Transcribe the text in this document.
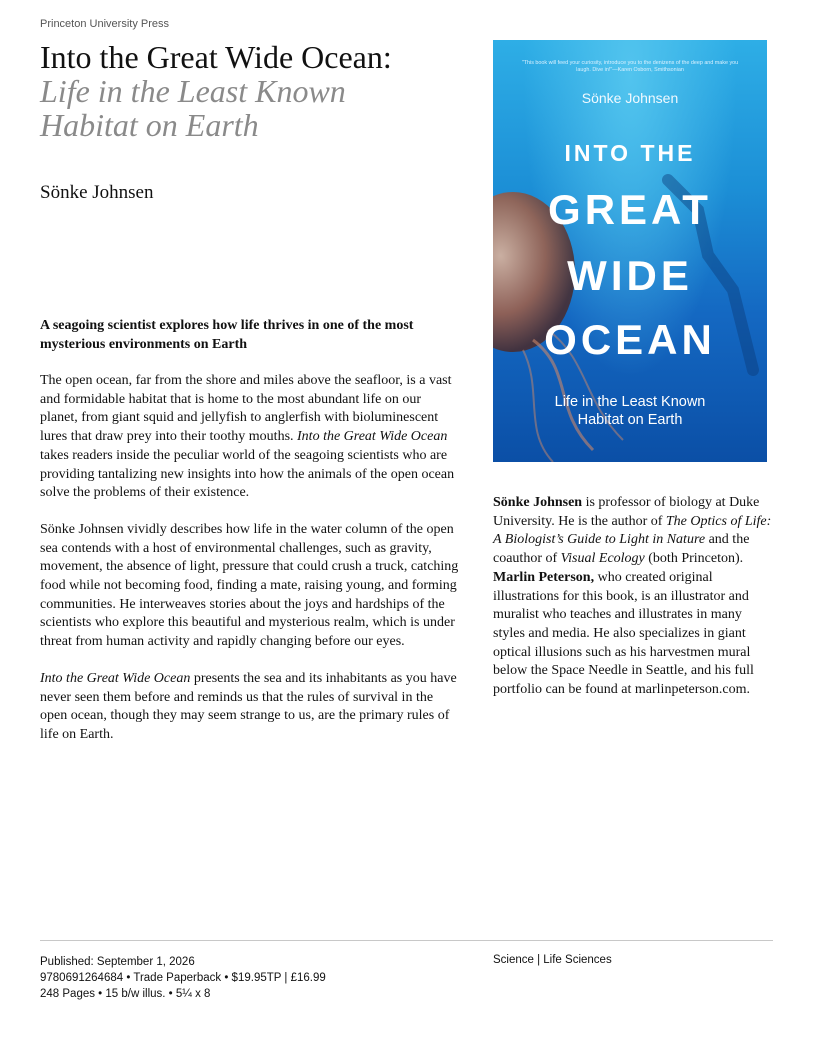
Princeton University Press
Into the Great Wide Ocean:
Life in the Least Known
Habitat on Earth
Sönke Johnsen
A seagoing scientist explores how life thrives in one of the most mysterious environments on Earth

The open ocean, far from the shore and miles above the seafloor, is a vast and formidable habitat that is home to the most abundant life on our planet, from giant squid and jellyfish to anglerfish with bioluminescent lures that draw prey into their toothy mouths. Into the Great Wide Ocean takes readers inside the peculiar world of the seagoing scientists who are providing tantalizing new insights into how the animals of the open ocean solve the problems of their existence.

Sönke Johnsen vividly describes how life in the water column of the open sea contends with a host of environmental challenges, such as gravity, movement, the absence of light, pressure that could crush a truck, catching food while not becoming food, finding a mate, raising young, and forming communities. He interweaves stories about the joys and hardships of the scientists who explore this beautiful and mysterious realm, which is under threat from human activity and rapidly changing before our eyes.

Into the Great Wide Ocean presents the sea and its inhabitants as you have never seen them before and reminds us that the rules of survival in the open ocean, though they may seem strange to us, are the primary rules of life on Earth.

"This book will feed your curiosity, introduce you to the denizens of the deep and make you laugh. Dive in!"—Karen Osborn, Smithsonian
Sönke Johnsen
INTO THE
GREAT
WIDE
OCEAN
Life in the Least Known
Habitat on Earth
Sönke Johnsen is professor of biology at Duke University. He is the author of The Optics of Life: A Biologist’s Guide to Light in Nature and the coauthor of Visual Ecology (both Princeton). Marlin Peterson, who created original illustrations for this book, is an illustrator and muralist who teaches and illustrates in many styles and media. He also specializes in giant optical illusions such as his harvestmen mural below the Space Needle in Seattle, and his full portfolio can be found at marlinpeterson.com.
Published: September 1, 2026
9780691264684 • Trade Paperback • $19.95TP | £16.99
248 Pages • 15 b/w illus. • 5¼ x 8
Science | Life Sciences
